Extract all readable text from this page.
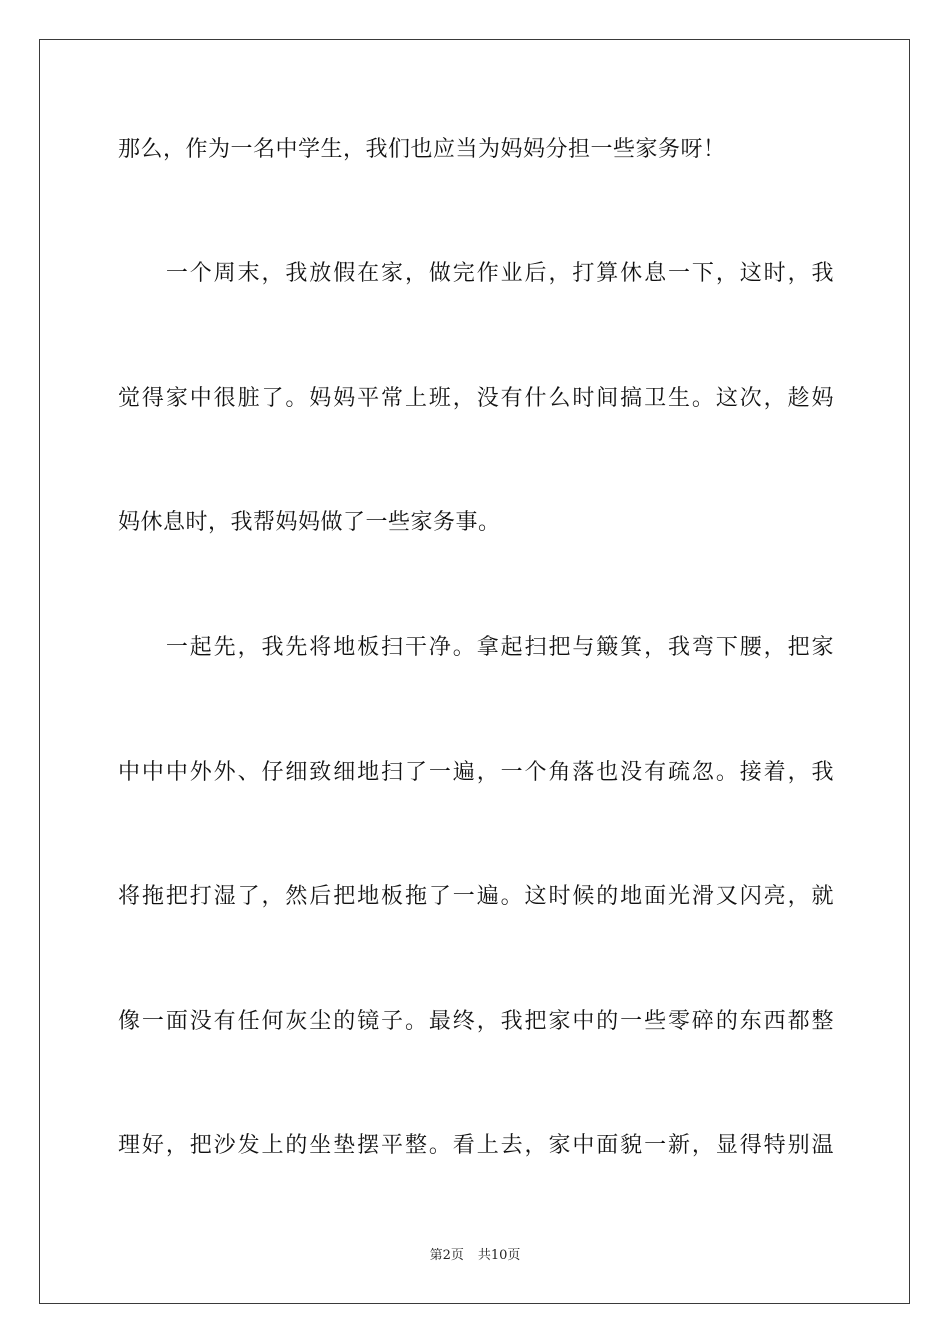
那么，作为一名中学生，我们也应当为妈妈分担一些家务呀！
　　一个周末，我放假在家，做完作业后，打算休息一下，这时，我
觉得家中很脏了。妈妈平常上班，没有什么时间搞卫生。这次，趁妈
妈休息时，我帮妈妈做了一些家务事。
　　一起先，我先将地板扫干净。拿起扫把与簸箕，我弯下腰，把家
中中中外外、仔细致细地扫了一遍，一个角落也没有疏忽。接着，我
将拖把打湿了，然后把地板拖了一遍。这时候的地面光滑又闪亮，就
像一面没有任何灰尘的镜子。最终，我把家中的一些零碎的东西都整
理好，把沙发上的坐垫摆平整。看上去，家中面貌一新，显得特别温
第2页 共10页
